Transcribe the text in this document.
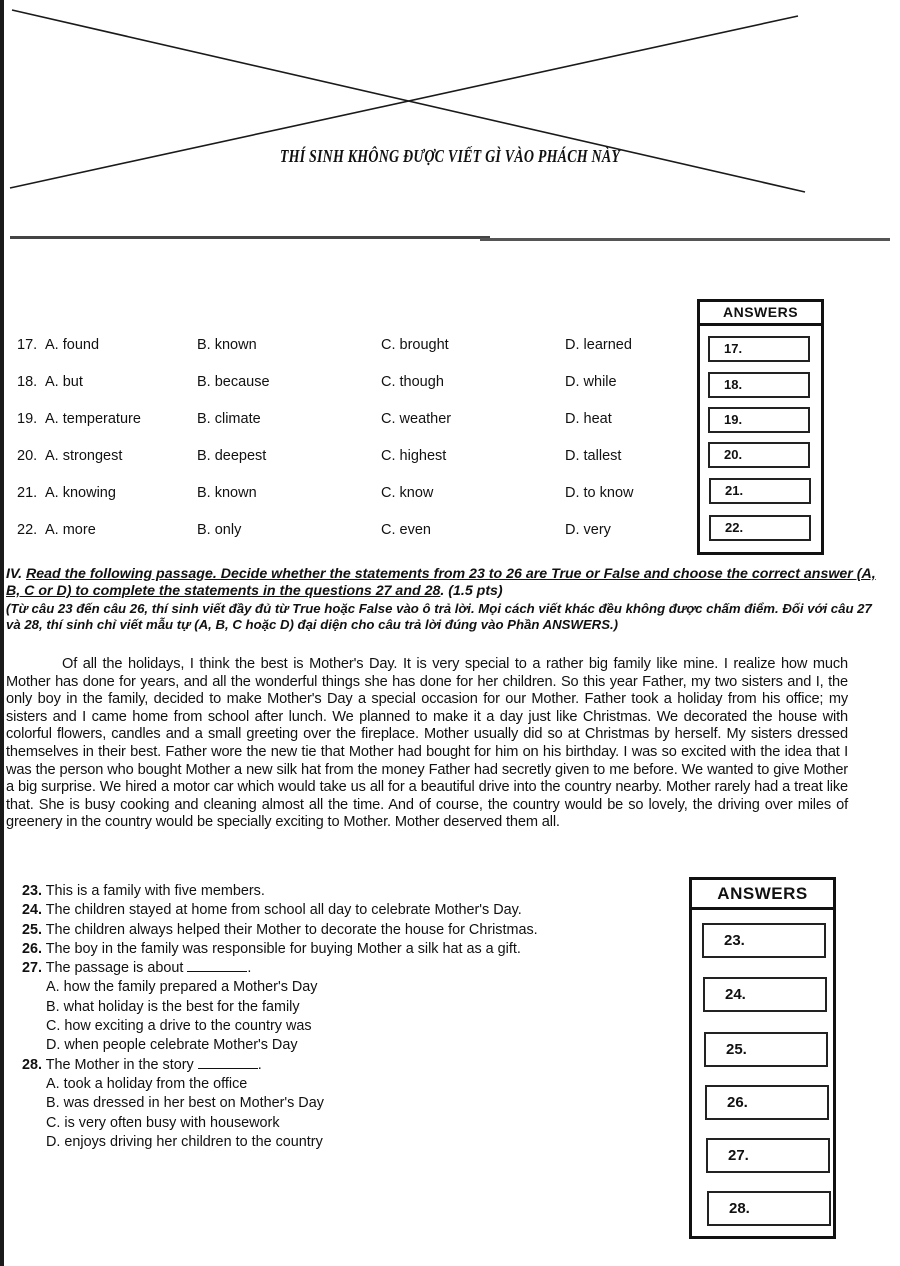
THÍ SINH KHÔNG ĐƯỢC VIẾT GÌ VÀO PHÁCH NÀY
17. A. found	B. known	C. brought	D. learned
18. A. but	B. because	C. though	D. while
19. A. temperature	B. climate	C. weather	D. heat
20. A. strongest	B. deepest	C. highest	D. tallest
21. A. knowing	B. known	C. know	D. to know
22. A. more	B. only	C. even	D. very
ANSWERS
17.
18.
19.
20.
21.
22.
IV. Read the following passage. Decide whether the statements from 23 to 26 are True or False and choose the correct answer (A, B, C or D) to complete the statements in the questions 27 and 28. (1.5 pts)
(Từ câu 23 đến câu 26, thí sinh viết đầy đủ từ True hoặc False vào ô trả lời. Mọi cách viết khác đều không được chấm điểm. Đối với câu 27 và 28, thí sinh chỉ viết mẫu tự (A, B, C hoặc D) đại diện cho câu trả lời đúng vào Phần ANSWERS.)

Of all the holidays, I think the best is Mother's Day. It is very special to a rather big family like mine. I realize how much Mother has done for years, and all the wonderful things she has done for her children. So this year Father, my two sisters and I, the only boy in the family, decided to make Mother's Day a special occasion for our Mother. Father took a holiday from his office; my sisters and I came home from school after lunch. We planned to make it a day just like Christmas. We decorated the house with colorful flowers, candles and a small greeting over the fireplace. Mother usually did so at Christmas by herself. My sisters dressed themselves in their best. Father wore the new tie that Mother had bought for him on his birthday. I was so excited with the idea that I was the person who bought Mother a new silk hat from the money Father had secretly given to me before. We wanted to give Mother a big surprise. We hired a motor car which would take us all for a beautiful drive into the country nearby. Mother rarely had a treat like that. She is busy cooking and cleaning almost all the time. And of course, the country would be so lovely, the driving over miles of greenery in the country would be specially exciting to Mother. Mother deserved them all.

23. This is a family with five members.
24. The children stayed at home from school all day to celebrate Mother's Day.
25. The children always helped their Mother to decorate the house for Christmas.
26. The boy in the family was responsible for buying Mother a silk hat as a gift.
27. The passage is about	.
A. how the family prepared a Mother's Day
B. what holiday is the best for the family
C. how exciting a drive to the country was
D. when people celebrate Mother's Day
28. The Mother in the story	.
A. took a holiday from the office
B. was dressed in her best on Mother's Day
C. is very often busy with housework
D. enjoys driving her children to the country
ANSWERS
23.
24.
25.
26.
27.
28.
